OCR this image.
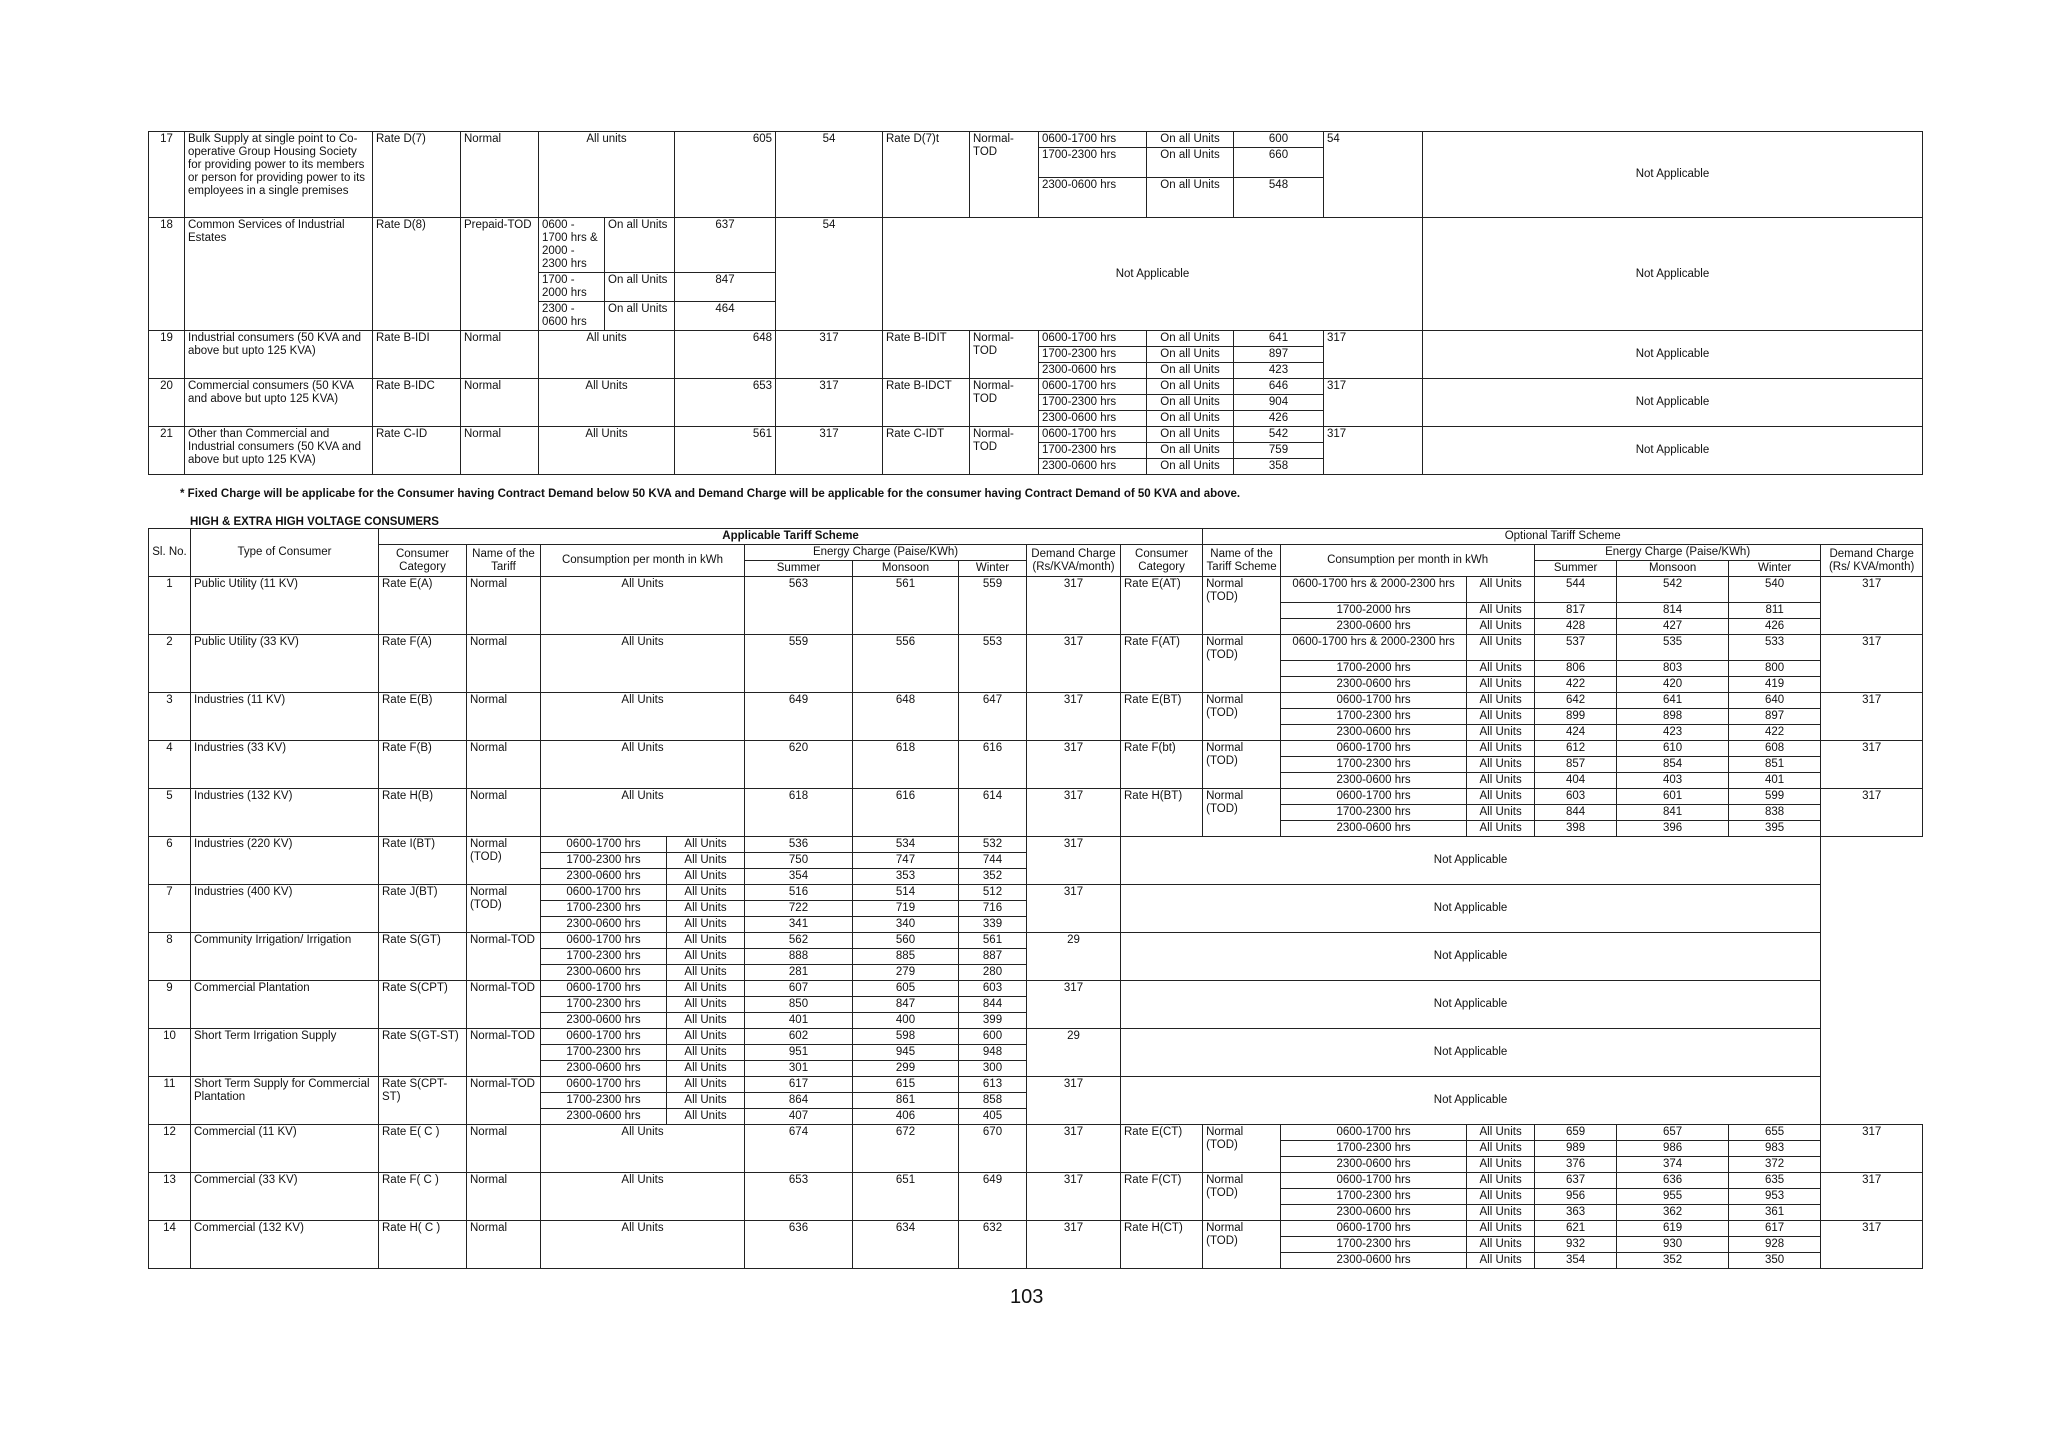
17	Bulk Supply at single point to Co-operative Group Housing Society for providing power to its members or person for providing power to its employees in a single premises	Rate D(7)	Normal	All units		605	54	Rate D(7)t	Normal-TOD	0600-1700 hrs	On all Units	600	54	Not Applicable
										1700-2300 hrs	On all Units	660		
										2300-0600 hrs	On all Units	548		
18	Common Services of Industrial Estates	Rate D(8)	Prepaid-TOD	0600 - 1700 hrs & 2000 - 2300 hrs	On all Units	637	54	Not Applicable						Not Applicable
				1700 - 2000 hrs	On all Units	847								
				2300 - 0600 hrs	On all Units	464								
19	Industrial consumers (50 KVA and above but upto 125 KVA)	Rate B-IDI	Normal	All units		648	317	Rate B-IDIT	Normal-TOD	0600-1700 hrs	On all Units	641	317	Not Applicable
										1700-2300 hrs	On all Units	897		
										2300-0600 hrs	On all Units	423		
20	Commercial consumers (50 KVA and above but upto 125 KVA)	Rate B-IDC	Normal	All Units		653	317	Rate B-IDCT	Normal-TOD	0600-1700 hrs	On all Units	646	317	Not Applicable
										1700-2300 hrs	On all Units	904		
										2300-0600 hrs	On all Units	426		
21	Other than Commercial and Industrial consumers (50 KVA and above but upto 125 KVA)	Rate C-ID	Normal	All Units		561	317	Rate C-IDT	Normal-TOD	0600-1700 hrs	On all Units	542	317	Not Applicable
										1700-2300 hrs	On all Units	759		
										2300-0600 hrs	On all Units	358		
* Fixed Charge will be applicabe for the Consumer having Contract Demand below 50 KVA and Demand Charge will be applicable for the consumer having Contract Demand of 50 KVA and above.
HIGH & EXTRA HIGH VOLTAGE CONSUMERS
Sl. No.	Type of Consumer	Applicable Tariff Scheme									Optional Tariff Scheme						
		Consumer Category	Name of the Tariff	Consumption per month in kWh		Energy Charge (Paise/KWh)			Demand Charge (Rs/KVA/month)	Consumer Category	Name of the Tariff Scheme	Consumption per month in kWh		Energy Charge (Paise/KWh)			Demand Charge (Rs/ KVA/month)
						Summer	Monsoon	Winter						Summer	Monsoon	Winter	
1	Public Utility (11 KV)	Rate E(A)	Normal	All Units		563	561	559	317	Rate E(AT)	Normal (TOD)	0600-1700 hrs & 2000-2300 hrs	All Units	544	542	540	317
												1700-2000 hrs	All Units	817	814	811	
												2300-0600 hrs	All Units	428	427	426	
2	Public Utility (33 KV)	Rate F(A)	Normal	All Units		559	556	553	317	Rate F(AT)	Normal (TOD)	0600-1700 hrs & 2000-2300 hrs	All Units	537	535	533	317
												1700-2000 hrs	All Units	806	803	800	
												2300-0600 hrs	All Units	422	420	419	
3	Industries (11 KV)	Rate E(B)	Normal	All Units		649	648	647	317	Rate E(BT)	Normal (TOD)	0600-1700 hrs	All Units	642	641	640	317
												1700-2300 hrs	All Units	899	898	897	
												2300-0600 hrs	All Units	424	423	422	
4	Industries (33 KV)	Rate F(B)	Normal	All Units		620	618	616	317	Rate F(bt)	Normal (TOD)	0600-1700 hrs	All Units	612	610	608	317
												1700-2300 hrs	All Units	857	854	851	
												2300-0600 hrs	All Units	404	403	401	
5	Industries (132 KV)	Rate H(B)	Normal	All Units		618	616	614	317	Rate H(BT)	Normal (TOD)	0600-1700 hrs	All Units	603	601	599	317
												1700-2300 hrs	All Units	844	841	838	
												2300-0600 hrs	All Units	398	396	395	
6	Industries (220 KV)	Rate I(BT)	Normal (TOD)	0600-1700 hrs	All Units	536	534	532	317	Not Applicable							
				1700-2300 hrs	All Units	750	747	744									
				2300-0600 hrs	All Units	354	353	352									
7	Industries (400 KV)	Rate J(BT)	Normal (TOD)	0600-1700 hrs	All Units	516	514	512	317	Not Applicable							
				1700-2300 hrs	All Units	722	719	716									
				2300-0600 hrs	All Units	341	340	339									
8	Community Irrigation/ Irrigation	Rate S(GT)	Normal-TOD	0600-1700 hrs	All Units	562	560	561	29	Not Applicable							
				1700-2300 hrs	All Units	888	885	887									
				2300-0600 hrs	All Units	281	279	280									
9	Commercial Plantation	Rate S(CPT)	Normal-TOD	0600-1700 hrs	All Units	607	605	603	317	Not Applicable							
				1700-2300 hrs	All Units	850	847	844									
				2300-0600 hrs	All Units	401	400	399									
10	Short Term Irrigation Supply	Rate S(GT-ST)	Normal-TOD	0600-1700 hrs	All Units	602	598	600	29	Not Applicable							
				1700-2300 hrs	All Units	951	945	948									
				2300-0600 hrs	All Units	301	299	300									
11	Short Term Supply for Commercial Plantation	Rate S(CPT-ST)	Normal-TOD	0600-1700 hrs	All Units	617	615	613	317	Not Applicable							
				1700-2300 hrs	All Units	864	861	858									
				2300-0600 hrs	All Units	407	406	405									
12	Commercial (11 KV)	Rate E( C )	Normal	All Units		674	672	670	317	Rate E(CT)	Normal (TOD)	0600-1700 hrs	All Units	659	657	655	317
												1700-2300 hrs	All Units	989	986	983	
												2300-0600 hrs	All Units	376	374	372	
13	Commercial (33 KV)	Rate F( C )	Normal	All Units		653	651	649	317	Rate F(CT)	Normal (TOD)	0600-1700 hrs	All Units	637	636	635	317
												1700-2300 hrs	All Units	956	955	953	
												2300-0600 hrs	All Units	363	362	361	
14	Commercial (132 KV)	Rate H( C )	Normal	All Units		636	634	632	317	Rate H(CT)	Normal (TOD)	0600-1700 hrs	All Units	621	619	617	317
												1700-2300 hrs	All Units	932	930	928	
												2300-0600 hrs	All Units	354	352	350	
103
